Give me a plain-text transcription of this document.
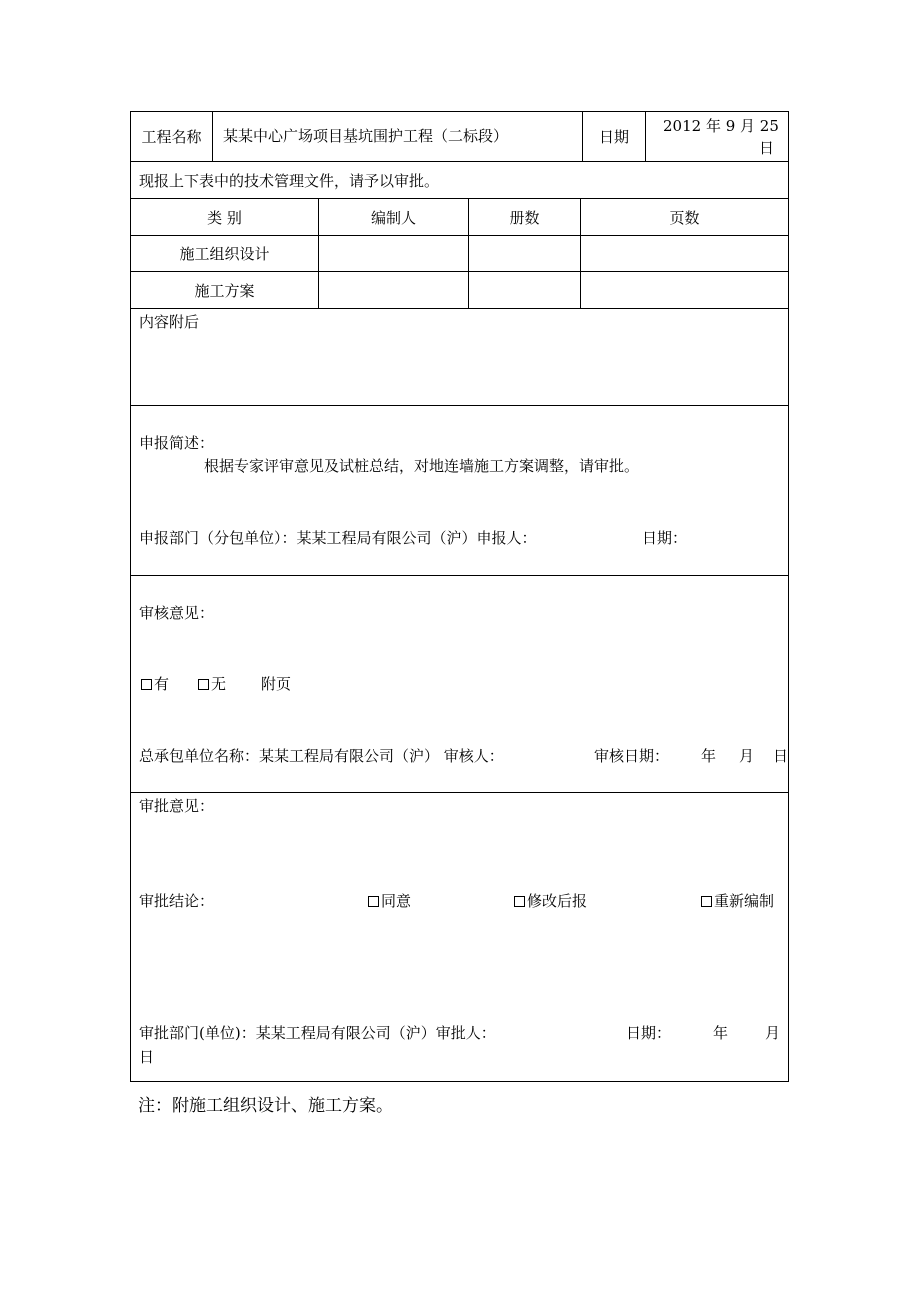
工程名称 某某中心广场项目基坑围护工程（二标段）	日期
2012 年 9 月 25
日
现报上下表中的技术管理文件，请予以审批。
类 别	编制人	册数	页数
施工组织设计
施工方案
内容附后
申报简述：
根据专家评审意见及试桩总结，对地连墙施工方案调整，请审批。
申报部门（分包单位）：某某工程局有限公司（沪）申报人：	日期：
审核意见：
有	无 附页
总承包单位名称：某某工程局有限公司（沪） 审核人：	审核日期： 年 月 日
审批意见：
审批结论：	同意	修改后报	重新编制
审批部门(单位)：某某工程局有限公司（沪）审批人：	日期：	年 月
日
注：附施工组织设计、施工方案。
